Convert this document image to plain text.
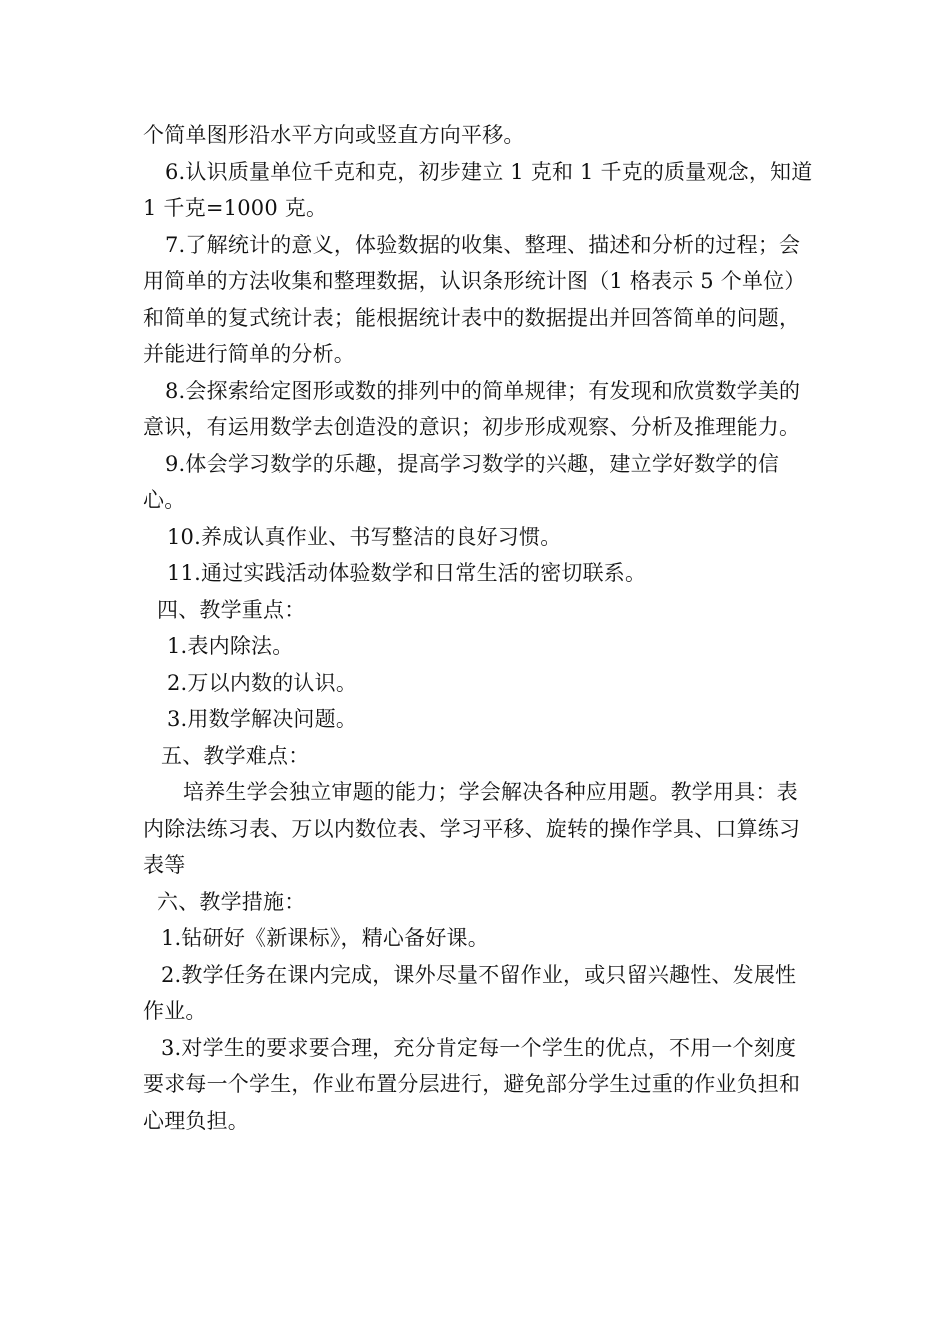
个简单图形沿水平方向或竖直方向平移。

6.认识质量单位千克和克，初步建立 1 克和 1 千克的质量观念，知道 1 千克=1000 克。

7.了解统计的意义，体验数据的收集、整理、描述和分析的过程；会用简单的方法收集和整理数据，认识条形统计图（1 格表示 5 个单位）和简单的复式统计表；能根据统计表中的数据提出并回答简单的问题，并能进行简单的分析。

8.会探索给定图形或数的排列中的简单规律；有发现和欣赏数学美的意识，有运用数学去创造没的意识；初步形成观察、分析及推理能力。

9.体会学习数学的乐趣，提高学习数学的兴趣，建立学好数学的信心。

10.养成认真作业、书写整洁的良好习惯。

11.通过实践活动体验数学和日常生活的密切联系。

四、教学重点：

1.表内除法。

2.万以内数的认识。

3.用数学解决问题。

五、教学难点：

培养生学会独立审题的能力；学会解决各种应用题。教学用具：表内除法练习表、万以内数位表、学习平移、旋转的操作学具、口算练习表等

六、教学措施：

1.钻研好《新课标》，精心备好课。

2.教学任务在课内完成，课外尽量不留作业，或只留兴趣性、发展性作业。

3.对学生的要求要合理，充分肯定每一个学生的优点，不用一个刻度要求每一个学生，作业布置分层进行，避免部分学生过重的作业负担和心理负担。
